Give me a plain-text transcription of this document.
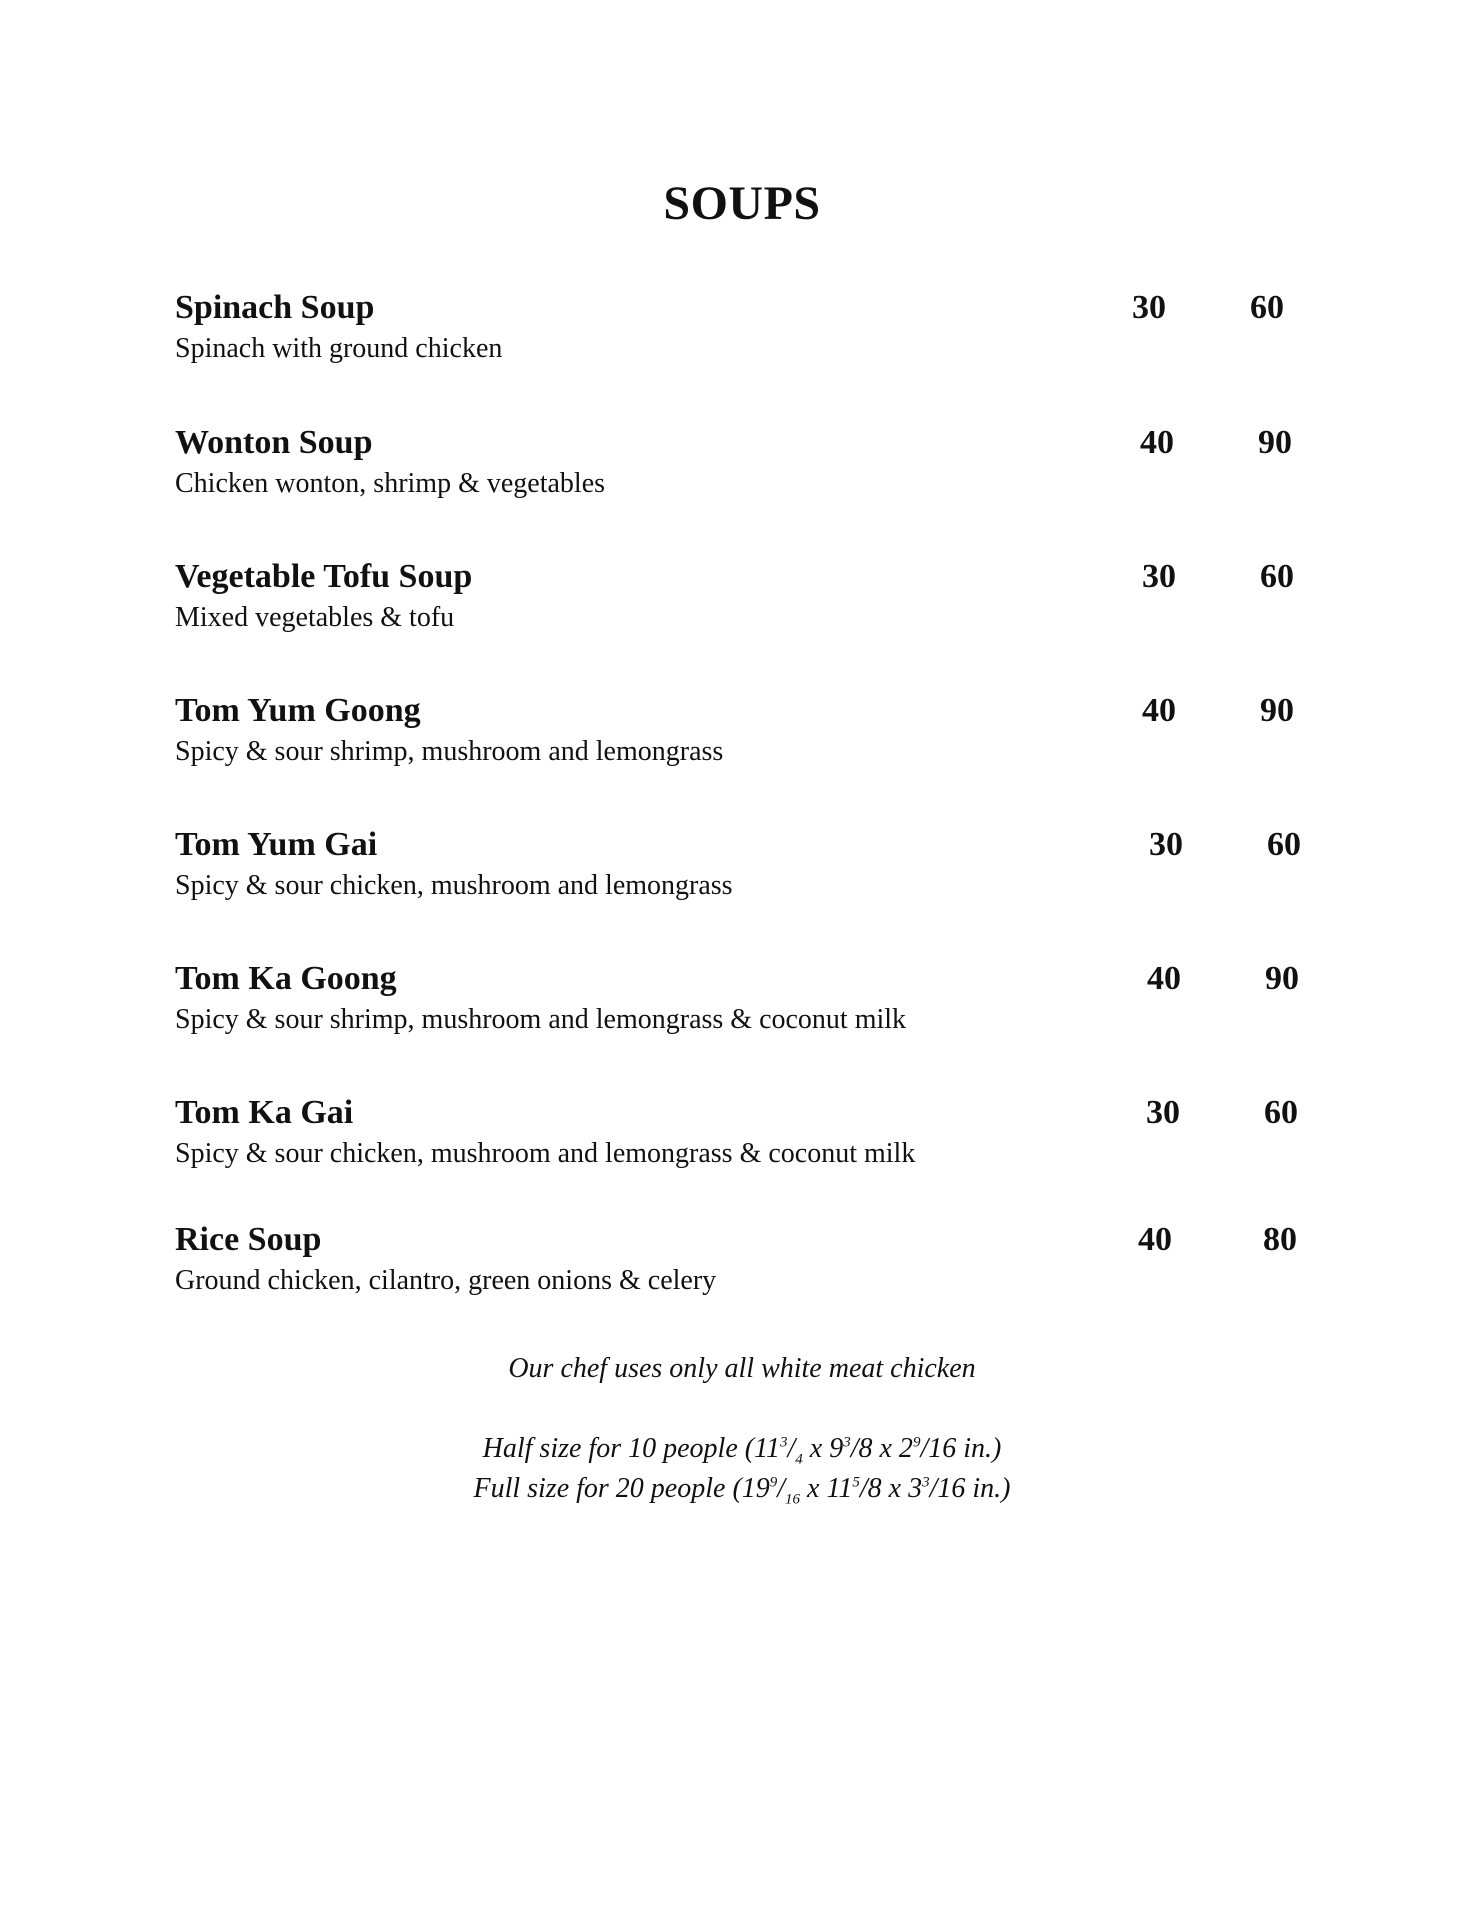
SOUPS
Spinach Soup
Spinach with ground chicken
30 60
Wonton Soup
Chicken wonton, shrimp & vegetables
40 90
Vegetable Tofu Soup
Mixed vegetables & tofu
30 60
Tom Yum Goong
Spicy & sour shrimp, mushroom and lemongrass
40 90
Tom Yum Gai
Spicy & sour chicken, mushroom and lemongrass
30 60
Tom Ka Goong
Spicy & sour shrimp, mushroom and lemongrass & coconut milk
40 90
Tom Ka Gai
Spicy & sour chicken, mushroom and lemongrass & coconut milk
30 60
Rice Soup
Ground chicken, cilantro, green onions & celery
40	80
Our chef uses only all white meat chicken
Half size for 10 people ($11^3/_4$ x $9^3/8$ x $2^9/16$ in.)
Full size for 20 people ($19^9/_{16}$ x $11^5/8$ x $3^3/16$ in.)
